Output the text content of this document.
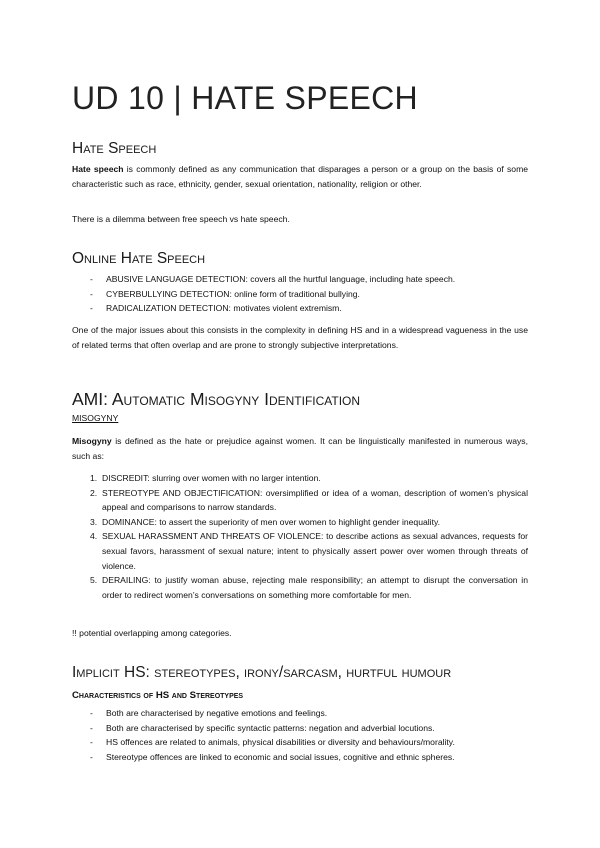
UD 10 | HATE SPEECH
Hate Speech
Hate speech is commonly defined as any communication that disparages a person or a group on the basis of some characteristic such as race, ethnicity, gender, sexual orientation, nationality, religion or other.
There is a dilemma between free speech vs hate speech.
Online Hate Speech
- ABUSIVE LANGUAGE DETECTION: covers all the hurtful language, including hate speech.
- CYBERBULLYING DETECTION: online form of traditional bullying.
- RADICALIZATION DETECTION: motivates violent extremism.
One of the major issues about this consists in the complexity in defining HS and in a widespread vagueness in the use of related terms that often overlap and are prone to strongly subjective interpretations.
AMI: Automatic Misogyny Identification
MISOGYNY
Misogyny is defined as the hate or prejudice against women. It can be linguistically manifested in numerous ways, such as:
1. DISCREDIT: slurring over women with no larger intention.
2. STEREOTYPE AND OBJECTIFICATION: oversimplified or idea of a woman, description of women’s physical appeal and comparisons to narrow standards.
3. DOMINANCE: to assert the superiority of men over women to highlight gender inequality.
4. SEXUAL HARASSMENT AND THREATS OF VIOLENCE: to describe actions as sexual advances, requests for sexual favors, harassment of sexual nature; intent to physically assert power over women through threats of violence.
5. DERAILING: to justify woman abuse, rejecting male responsibility; an attempt to disrupt the conversation in order to redirect women’s conversations on something more comfortable for men.
!! potential overlapping among categories.
Implicit HS: stereotypes, irony/sarcasm, hurtful humour
Characteristics of HS and Stereotypes
- Both are characterised by negative emotions and feelings.
- Both are characterised by specific syntactic patterns: negation and adverbial locutions.
- HS offences are related to animals, physical disabilities or diversity and behaviours/morality.
- Stereotype offences are linked to economic and social issues, cognitive and ethnic spheres.
